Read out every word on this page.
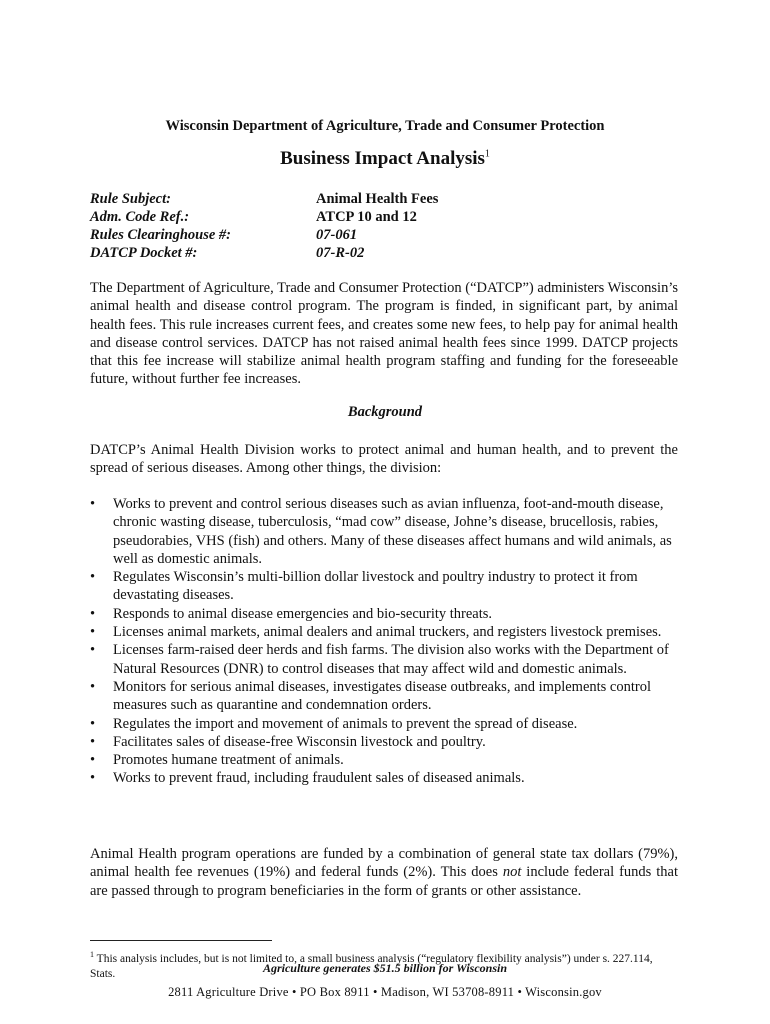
Wisconsin Department of Agriculture, Trade and Consumer Protection
Business Impact Analysis$^1$
Rule Subject:	Animal Health Fees
Adm. Code Ref.:	ATCP 10 and 12
Rules Clearinghouse #:	07-061
DATCP Docket #:	07-R-02
The Department of Agriculture, Trade and Consumer Protection (“DATCP”) administers Wisconsin’s animal health and disease control program. The program is finded, in significant part, by animal health fees. This rule increases current fees, and creates some new fees, to help pay for animal health and disease control services. DATCP has not raised animal health fees since 1999. DATCP projects that this fee increase will stabilize animal health program staffing and funding for the foreseeable future, without further fee increases.
Background
DATCP’s Animal Health Division works to protect animal and human health, and to prevent the spread of serious diseases. Among other things, the division:
• Works to prevent and control serious diseases such as avian influenza, foot-and-mouth disease, chronic wasting disease, tuberculosis, “mad cow” disease, Johne’s disease, brucellosis, rabies, pseudorabies, VHS (fish) and others. Many of these diseases affect humans and wild animals, as well as domestic animals.
• Regulates Wisconsin’s multi-billion dollar livestock and poultry industry to protect it from devastating diseases.
• Responds to animal disease emergencies and bio-security threats.
• Licenses animal markets, animal dealers and animal truckers, and registers livestock premises.
• Licenses farm-raised deer herds and fish farms. The division also works with the Department of Natural Resources (DNR) to control diseases that may affect wild and domestic animals.
• Monitors for serious animal diseases, investigates disease outbreaks, and implements control measures such as quarantine and condemnation orders.
• Regulates the import and movement of animals to prevent the spread of disease.
• Facilitates sales of disease-free Wisconsin livestock and poultry.
• Promotes humane treatment of animals.
• Works to prevent fraud, including fraudulent sales of diseased animals.
Animal Health program operations are funded by a combination of general state tax dollars (79%), animal health fee revenues (19%) and federal funds (2%). This does not include federal funds that are passed through to program beneficiaries in the form of grants or other assistance.
$^1$ This analysis includes, but is not limited to, a small business analysis (“regulatory flexibility analysis”) under s. 227.114, Stats.	Agriculture generates $51.5 billion for Wisconsin
2811 Agriculture Drive • PO Box 8911 • Madison, WI 53708-8911 • Wisconsin.gov
